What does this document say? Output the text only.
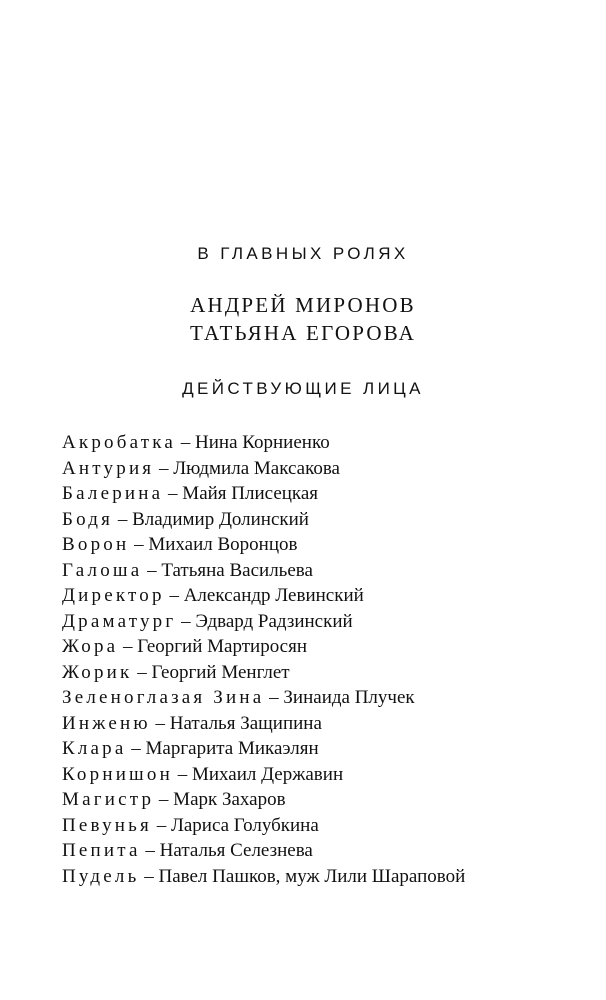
В ГЛАВНЫХ РОЛЯХ
АНДРЕЙ МИРОНОВ
ТАТЬЯНА ЕГОРОВА
ДЕЙСТВУЮЩИЕ ЛИЦА
Акробатка – Нина Корниенко
Антурия – Людмила Максакова
Балерина – Майя Плисецкая
Бодя – Владимир Долинский
Ворон – Михаил Воронцов
Галоша – Татьяна Васильева
Директор – Александр Левинский
Драматург – Эдвард Радзинский
Жора – Георгий Мартиросян
Жорик – Георгий Менглет
Зеленоглазая Зина – Зинаида Плучек
Инженю – Наталья Защипина
Клара – Маргарита Микаэлян
Корнишон – Михаил Державин
Магистр – Марк Захаров
Певунья – Лариса Голубкина
Пепита – Наталья Селезнева
Пудель – Павел Пашков, муж Лили Шараповой
